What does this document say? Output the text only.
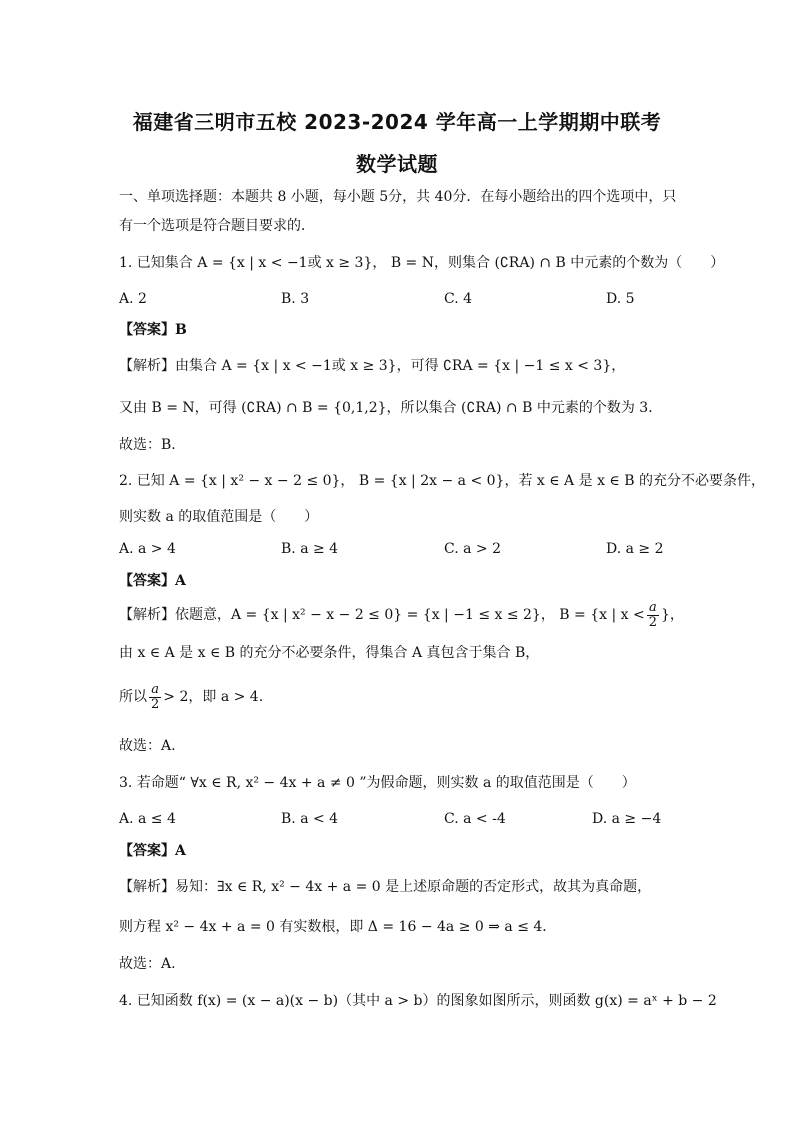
福建省三明市五校 2023-2024 学年高一上学期期中联考
数学试题
一、单项选择题：本题共 8 小题，每小题 5分，共 40分．在每小题给出的四个选项中，只
有一个选项是符合题目要求的．
1. 已知集合 A = {x | x < −1或 x ≥ 3}， B = N，则集合 (∁RA) ∩ B 中元素的个数为（　　）
A. 2	B. 3	C. 4	D. 5
【答案】B
【解析】由集合 A = {x | x < −1或 x ≥ 3}，可得 ∁RA = {x | −1 ≤ x < 3}，
又由 B = N，可得 (∁RA) ∩ B = {0,1,2}，所以集合 (∁RA) ∩ B 中元素的个数为 3．
故选：B.
2. 已知 A = {x | x² − x − 2 ≤ 0}， B = {x | 2x − a < 0}，若 x ∈ A 是 x ∈ B 的充分不必要条件，
则实数 a 的取值范围是（　　）
A. a > 4	B. a ≥ 4	C. a > 2	D. a ≥ 2
【答案】A
【解析】依题意，A = {x | x² − x − 2 ≤ 0} = {x | −1 ≤ x ≤ 2}， B = {x | $x < \frac{a}{2}$ }，
由 x ∈ A 是 x ∈ B 的充分不必要条件，得集合 A 真包含于集合 B，
所以 $\frac{a}{2} > 2$，即 a > 4.
故选：A.
3. 若命题“ ∀x ∈ R, x² − 4x + a ≠ 0 ”为假命题，则实数 a 的取值范围是（　　）
A. a ≤ 4	B. a < 4	C. a < -4	D. a ≥ −4
【答案】A
【解析】易知：∃x ∈ R, x² − 4x + a = 0 是上述原命题的否定形式，故其为真命题，
则方程 x² − 4x + a = 0 有实数根，即 Δ = 16 − 4a ≥ 0 ⇒ a ≤ 4．
故选：A.
4. 已知函数 f(x) = (x − a)(x − b)（其中 a > b）的图象如图所示，则函数 g(x) = aˣ + b − 2
